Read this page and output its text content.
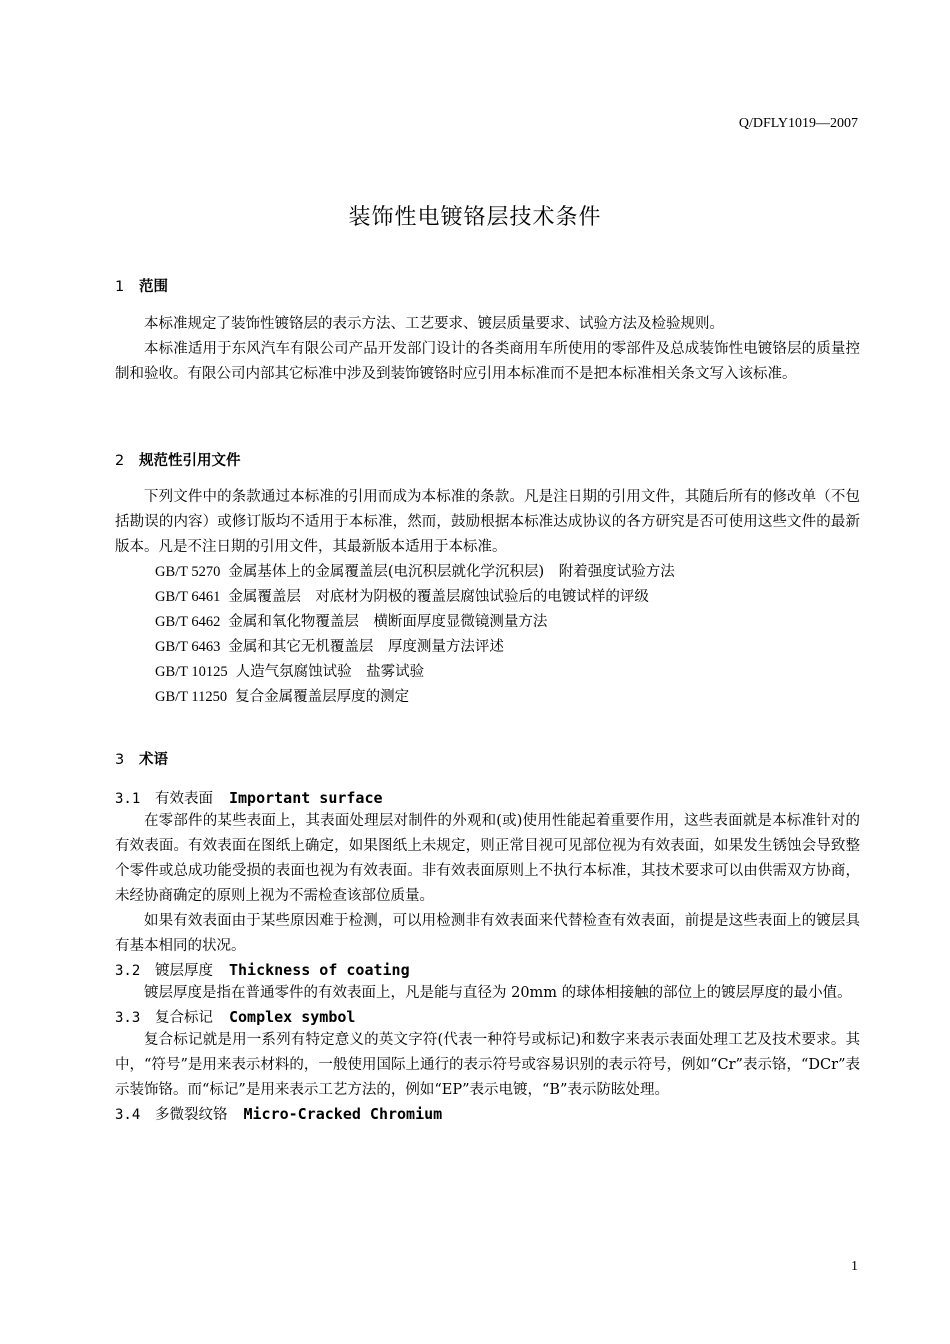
Q/DFLY1019—2007
装饰性电镀铬层技术条件
1 范围

本标准规定了装饰性镀铬层的表示方法、工艺要求、镀层质量要求、试验方法及检验规则。

本标准适用于东风汽车有限公司产品开发部门设计的各类商用车所使用的零部件及总成装饰性电镀铬层的质量控制和验收。有限公司内部其它标准中涉及到装饰镀铬时应引用本标准而不是把本标准相关条文写入该标准。

2 规范性引用文件

下列文件中的条款通过本标准的引用而成为本标准的条款。凡是注日期的引用文件，其随后所有的修改单（不包括勘误的内容）或修订版均不适用于本标准，然而，鼓励根据本标准达成协议的各方研究是否可使用这些文件的最新版本。凡是不注日期的引用文件，其最新版本适用于本标准。

GB/T 5270 金属基体上的金属覆盖层(电沉积层就化学沉积层)　附着强度试验方法
GB/T 6461 金属覆盖层　对底材为阴极的覆盖层腐蚀试验后的电镀试样的评级
GB/T 6462 金属和氧化物覆盖层　横断面厚度显微镜测量方法
GB/T 6463 金属和其它无机覆盖层　厚度测量方法评述
GB/T 10125 人造气氛腐蚀试验　盐雾试验
GB/T 11250 复合金属覆盖层厚度的测定
3 术语
3.1 有效表面 Important surface

在零部件的某些表面上，其表面处理层对制件的外观和(或)使用性能起着重要作用，这些表面就是本标准针对的有效表面。有效表面在图纸上确定，如果图纸上未规定，则正常目视可见部位视为有效表面，如果发生锈蚀会导致整个零件或总成功能受损的表面也视为有效表面。非有效表面原则上不执行本标准，其技术要求可以由供需双方协商，未经协商确定的原则上视为不需检查该部位质量。

如果有效表面由于某些原因难于检测，可以用检测非有效表面来代替检查有效表面，前提是这些表面上的镀层具有基本相同的状况。

3.2 镀层厚度 Thickness of coating

镀层厚度是指在普通零件的有效表面上，凡是能与直径为 20mm 的球体相接触的部位上的镀层厚度的最小值。

3.3 复合标记 Complex symbol

复合标记就是用一系列有特定意义的英文字符(代表一种符号或标记)和数字来表示表面处理工艺及技术要求。其中，“符号”是用来表示材料的，一般使用国际上通行的表示符号或容易识别的表示符号，例如“Cr”表示铬，“DCr”表示装饰铬。而“标记”是用来表示工艺方法的，例如“EP”表示电镀，“B”表示防眩处理。

3.4 多微裂纹铬 Micro-Cracked Chromium
1
